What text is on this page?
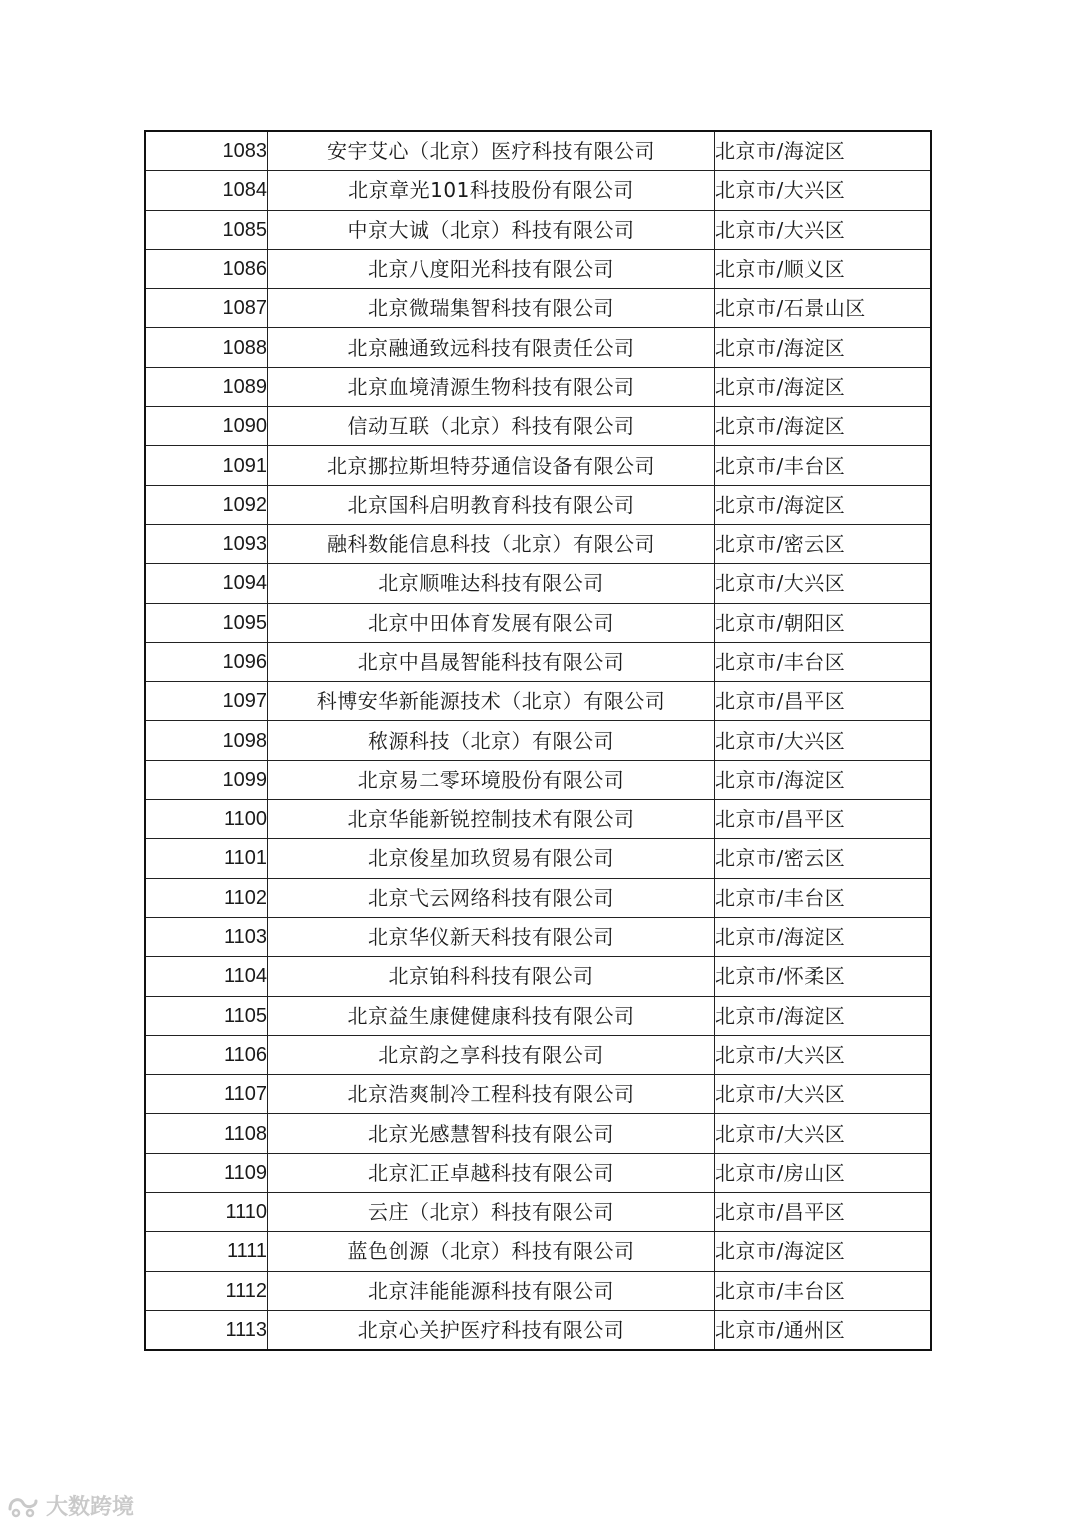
1083	安宇艾心（北京）医疗科技有限公司	北京市/海淀区
1084	北京章光101科技股份有限公司	北京市/大兴区
1085	中京大诚（北京）科技有限公司	北京市/大兴区
1086	北京八度阳光科技有限公司	北京市/顺义区
1087	北京微瑞集智科技有限公司	北京市/石景山区
1088	北京融通致远科技有限责任公司	北京市/海淀区
1089	北京血境清源生物科技有限公司	北京市/海淀区
1090	信动互联（北京）科技有限公司	北京市/海淀区
1091	北京挪拉斯坦特芬通信设备有限公司	北京市/丰台区
1092	北京国科启明教育科技有限公司	北京市/海淀区
1093	融科数能信息科技（北京）有限公司	北京市/密云区
1094	北京顺唯达科技有限公司	北京市/大兴区
1095	北京中田体育发展有限公司	北京市/朝阳区
1096	北京中昌晟智能科技有限公司	北京市/丰台区
1097	科博安华新能源技术（北京）有限公司	北京市/昌平区
1098	秾源科技（北京）有限公司	北京市/大兴区
1099	北京易二零环境股份有限公司	北京市/海淀区
1100	北京华能新锐控制技术有限公司	北京市/昌平区
1101	北京俊星加玖贸易有限公司	北京市/密云区
1102	北京弋云网络科技有限公司	北京市/丰台区
1103	北京华仪新天科技有限公司	北京市/海淀区
1104	北京铂科科技有限公司	北京市/怀柔区
1105	北京益生康健健康科技有限公司	北京市/海淀区
1106	北京韵之享科技有限公司	北京市/大兴区
1107	北京浩爽制冷工程科技有限公司	北京市/大兴区
1108	北京光感慧智科技有限公司	北京市/大兴区
1109	北京汇正卓越科技有限公司	北京市/房山区
1110	云庄（北京）科技有限公司	北京市/昌平区
1111	蓝色创源（北京）科技有限公司	北京市/海淀区
1112	北京沣能能源科技有限公司	北京市/丰台区
1113	北京心关护医疗科技有限公司	北京市/通州区
大数跨境
